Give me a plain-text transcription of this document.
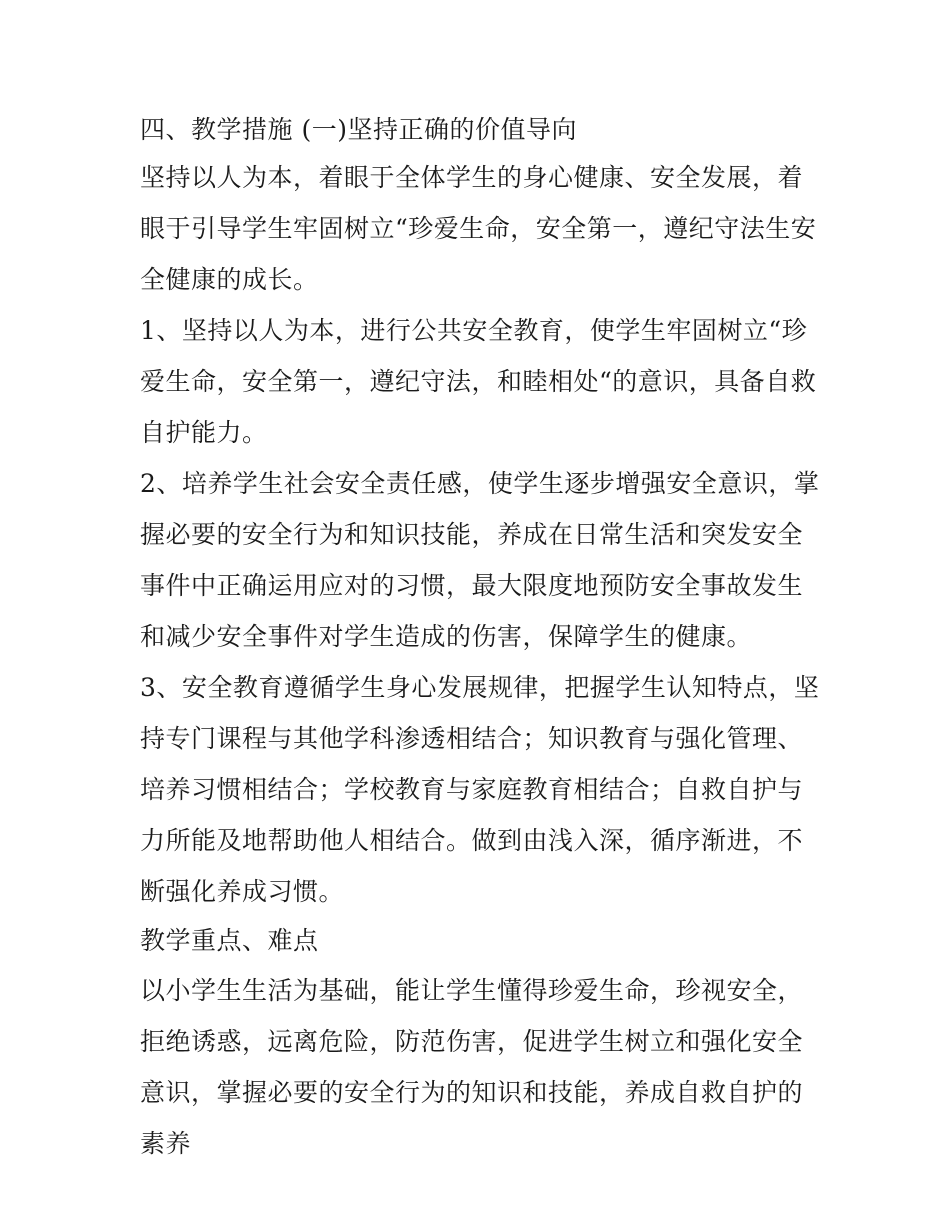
四、教学措施 (一)坚持正确的价值导向

坚持以人为本，着眼于全体学生的身心健康、安全发展，着眼于引导学生牢固树立“珍爱生命，安全第一，遵纪守法生安全健康的成长。

1、坚持以人为本，进行公共安全教育，使学生牢固树立“珍爱生命，安全第一，遵纪守法，和睦相处“的意识，具备自救自护能力。

2、培养学生社会安全责任感，使学生逐步增强安全意识，掌握必要的安全行为和知识技能，养成在日常生活和突发安全事件中正确运用应对的习惯，最大限度地预防安全事故发生和减少安全事件对学生造成的伤害，保障学生的健康。

3、安全教育遵循学生身心发展规律，把握学生认知特点，坚持专门课程与其他学科渗透相结合；知识教育与强化管理、培养习惯相结合；学校教育与家庭教育相结合；自救自护与力所能及地帮助他人相结合。做到由浅入深，循序渐进，不断强化养成习惯。

教学重点、难点

以小学生生活为基础，能让学生懂得珍爱生命，珍视安全，拒绝诱惑，远离危险，防范伤害，促进学生树立和强化安全意识，掌握必要的安全行为的知识和技能，养成自救自护的素养
